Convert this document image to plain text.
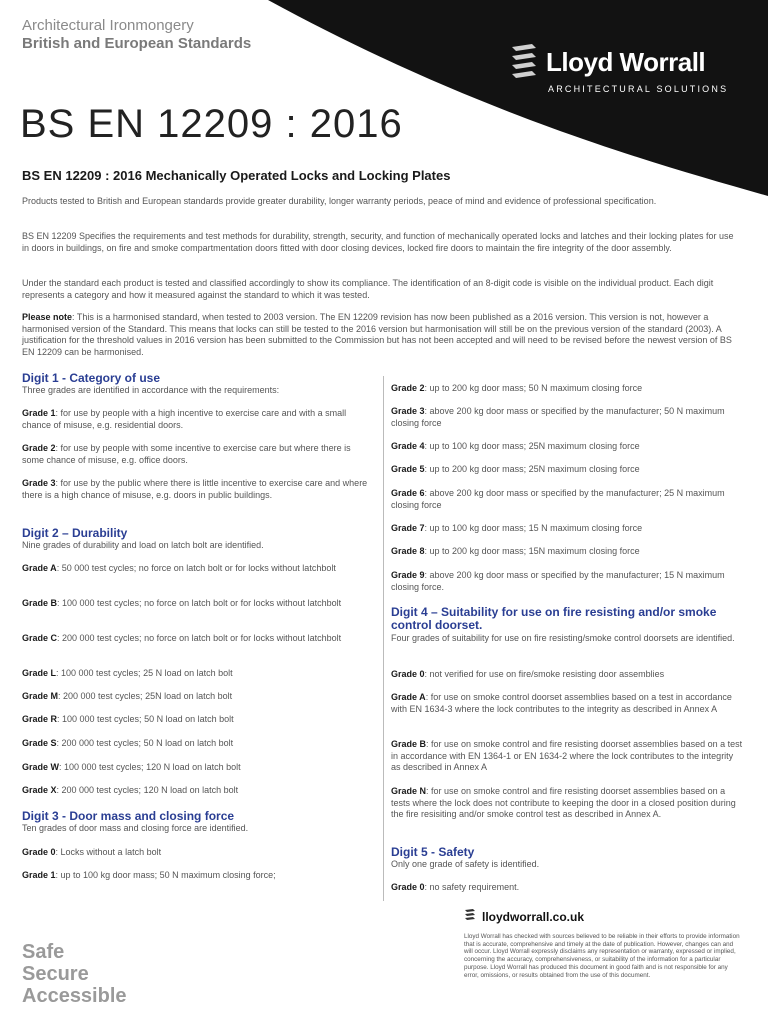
Architectural Ironmongery
British and European Standards
Lloyd Worrall
ARCHITECTURAL SOLUTIONS
BS EN 12209 : 2016
BS EN 12209 : 2016 Mechanically Operated Locks and Locking Plates

Products tested to British and European standards provide greater durability, longer warranty periods, peace of mind and evidence of professional specification.

BS EN 12209 Specifies the requirements and test methods for durability, strength, security, and function of mechanically operated locks and latches and their locking plates for use in doors in buildings, on fire and smoke compartmentation doors fitted with door closing devices, locked fire doors to maintain the fire integrity of the door assembly.

Under the standard each product is tested and classified accordingly to show its compliance. The identification of an 8-digit code is visible on the individual product. Each digit represents a category and how it measured against the standard to which it was tested.

Please note: This is a harmonised standard, when tested to 2003 version. The EN 12209 revision has now been published as a 2016 version. This version is not, however a harmonised version of the Standard. This means that locks can still be tested to the 2016 version but harmonisation will still be on the previous version of the standard (2003). A justification for the threshold values in 2016 version has been submitted to the Commission but has not been accepted and will need to be revised before the newest version of BS EN 12209 can be harmonised.

Digit 1 - Category of use

Three grades are identified in accordance with the requirements:

Grade 1: for use by people with a high incentive to exercise care and with a small chance of misuse, e.g. residential doors.

Grade 2: for use by people with some incentive to exercise care but where there is some chance of misuse, e.g. office doors.

Grade 3: for use by the public where there is little incentive to exercise care and where there is a high chance of misuse, e.g. doors in public buildings.

Digit 2 – Durability

Nine grades of durability and load on latch bolt are identified.

Grade A: 50 000 test cycles; no force on latch bolt or for locks without latchbolt

Grade B: 100 000 test cycles; no force on latch bolt or for locks without latchbolt

Grade C: 200 000 test cycles; no force on latch bolt or for locks without latchbolt

Grade L: 100 000 test cycles; 25 N load on latch bolt

Grade M: 200 000 test cycles; 25N load on latch bolt

Grade R: 100 000 test cycles; 50 N load on latch bolt

Grade S: 200 000 test cycles; 50 N load on latch bolt

Grade W: 100 000 test cycles; 120 N load on latch bolt

Grade X: 200 000 test cycles; 120 N load on latch bolt

Digit 3 - Door mass and closing force

Ten grades of door mass and closing force are identified.

Grade 0: Locks without a latch bolt

Grade 1: up to 100 kg door mass; 50 N maximum closing force;

Grade 2: up to 200 kg door mass; 50 N maximum closing force

Grade 3: above 200 kg door mass or specified by the manufacturer; 50 N maximum closing force

Grade 4: up to 100 kg door mass; 25N maximum closing force

Grade 5: up to 200 kg door mass; 25N maximum closing force

Grade 6: above 200 kg door mass or specified by the manufacturer; 25 N maximum closing force

Grade 7: up to 100 kg door mass; 15 N maximum closing force

Grade 8: up to 200 kg door mass; 15N maximum closing force

Grade 9: above 200 kg door mass or specified by the manufacturer; 15 N maximum closing force.

Digit 4 – Suitability for use on fire resisting and/or smoke control doorset.

Four grades of suitability for use on fire resisting/smoke control doorsets are identified.

Grade 0: not verified for use on fire/smoke resisting door assemblies

Grade A: for use on smoke control doorset assemblies based on a test in accordance with EN 1634-3 where the lock contributes to the integrity as described in Annex A

Grade B: for use on smoke control and fire resisting doorset assemblies based on a test in accordance with EN 1364-1 or EN 1634-2 where the lock contributes to the integrity as described in Annex A

Grade N: for use on smoke control and fire resisting doorset assemblies based on a tests where the lock does not contribute to keeping the door in a closed position during the fire resisiting and/or smoke control test as described in Annex A.

Digit 5 - Safety

Only one grade of safety is identified.

Grade 0: no safety requirement.

lloydworrall.co.uk

Lloyd Worrall has checked with sources believed to be reliable in their efforts to provide information that is accurate, comprehensive and timely at the date of publication. However, changes can and will occur. Lloyd Worrall expressly disclaims any representation or warranty, expressed or implied, concerning the accuracy, comprehensiveness, or suitability of the information for a particular purpose. Lloyd Worrall has produced this document in good faith and is not responsible for any error, omissions, or results obtained from the use of this document.

Safe
Secure
Accessible
